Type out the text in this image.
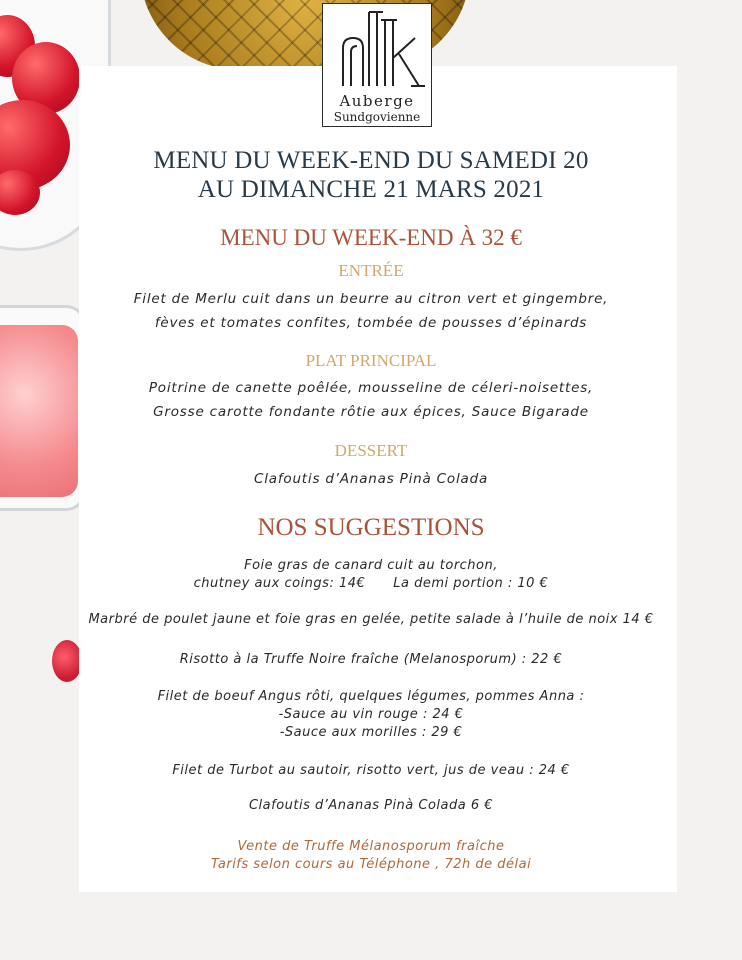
Auberge
Sundgovienne
MENU DU WEEK-END DU SAMEDI 20
AU DIMANCHE 21 MARS 2021
MENU DU WEEK-END À 32 €
ENTRÉE
Filet de Merlu cuit dans un beurre au citron vert et gingembre,
fèves et tomates confites, tombée de pousses d’épinards
PLAT PRINCIPAL
Poitrine de canette poêlée, mousseline de céleri-noisettes,
Grosse carotte fondante rôtie aux épices, Sauce Bigarade
DESSERT
Clafoutis d’Ananas Pinà Colada
NOS SUGGESTIONS
Foie gras de canard cuit au torchon,
chutney aux coings: 14€ La demi portion : 10 €
Marbré de poulet jaune et foie gras en gelée, petite salade à l’huile de noix 14 €
Risotto à la Truffe Noire fraîche (Melanosporum) : 22 €
Filet de boeuf Angus rôti, quelques légumes, pommes Anna :
-Sauce au vin rouge : 24 €
-Sauce aux morilles : 29 €
Filet de Turbot au sautoir, risotto vert, jus de veau : 24 €
Clafoutis d’Ananas Pinà Colada 6 €
Vente de Truffe Mélanosporum fraîche
Tarifs selon cours au Téléphone , 72h de délai
